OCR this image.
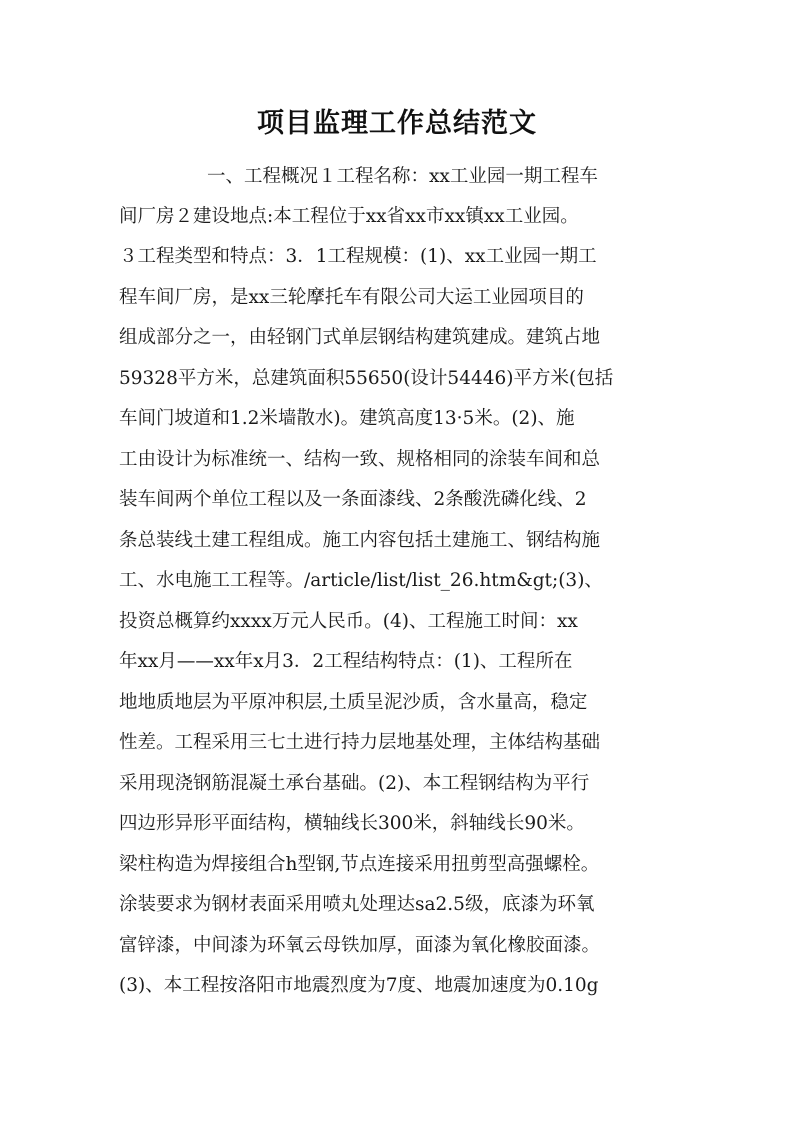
项目监理工作总结范文
一、工程概况１工程名称：xx工业园一期工程车
间厂房２建设地点:本工程位于xx省xx市xx镇xx工业园。
３工程类型和特点：3．1工程规模：(1)、xx工业园一期工
程车间厂房，是xx三轮摩托车有限公司大运工业园项目的
组成部分之一，由轻钢门式单层钢结构建筑建成。建筑占地
59328平方米，总建筑面积55650(设计54446)平方米(包括
车间门坡道和1.2米墙散水)。建筑高度13·5米。(2)、施
工由设计为标准统一、结构一致、规格相同的涂装车间和总
装车间两个单位工程以及一条面漆线、2条酸洗磷化线、2
条总装线土建工程组成。施工内容包括土建施工、钢结构施
工、水电施工工程等。/article/list/list_26.htm&gt;(3)、
投资总概算约xxxx万元人民币。(4)、工程施工时间：xx
年xx月——xx年x月3．2工程结构特点：(1)、工程所在
地地质地层为平原冲积层,土质呈泥沙质，含水量高，稳定
性差。工程采用三七土进行持力层地基处理，主体结构基础
采用现浇钢筋混凝土承台基础。(2)、本工程钢结构为平行
四边形异形平面结构，横轴线长300米，斜轴线长90米。
梁柱构造为焊接组合h型钢,节点连接采用扭剪型高强螺栓。
涂装要求为钢材表面采用喷丸处理达sa2.5级，底漆为环氧
富锌漆，中间漆为环氧云母铁加厚，面漆为氧化橡胶面漆。
(3)、本工程按洛阳市地震烈度为7度、地震加速度为0.10g
